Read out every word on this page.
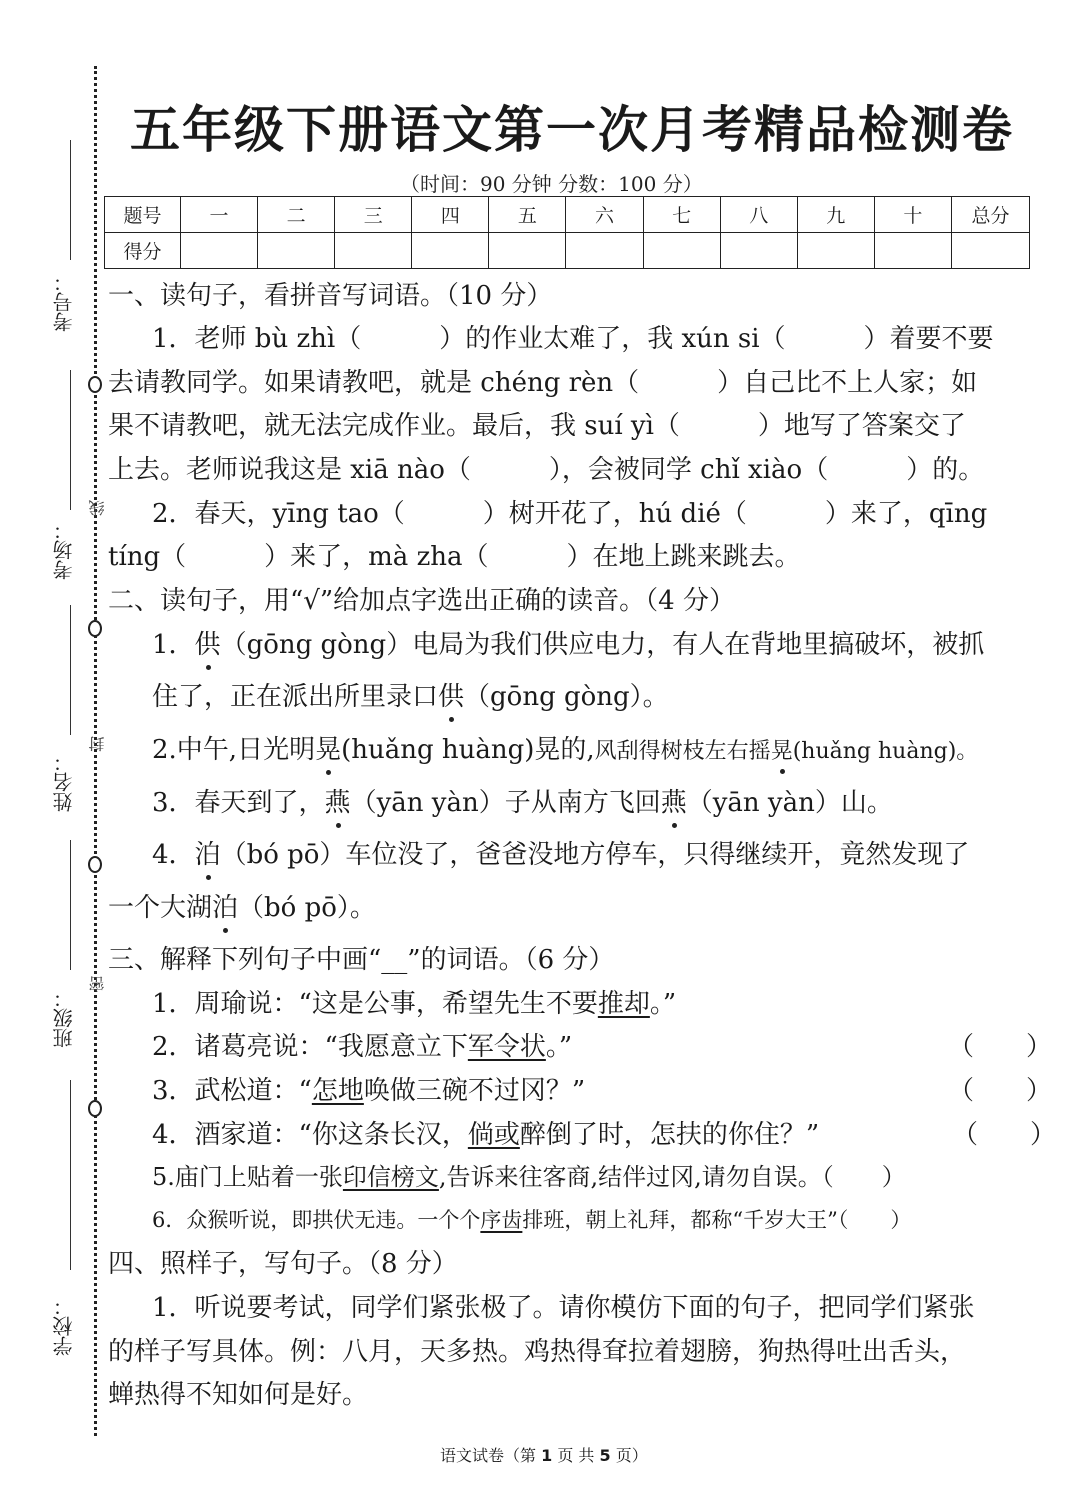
考号：
考场：
姓名：
班级：
学校：
线
封
密
五年级下册语文第一次月考精品检测卷
（时间：90 分钟 分数：100 分）
题号	一	二	三	四	五	六	七	八	九	十	总分
得分											
一、读句子，看拼音写词语。（10 分）
1．老师 bù zhì（　　　）的作业太难了，我 xún si（　　　）着要不要
去请教同学。如果请教吧，就是 chéng rèn（　　　）自己比不上人家；如
果不请教吧，就无法完成作业。最后，我 suí yì（　　　）地写了答案交了
上去。老师说我这是 xiā nào（　　　），会被同学 chǐ xiào（　　　）的。
2．春天，yīng tao（　　　）树开花了，hú dié（　　　）来了，qīng
tíng（　　　）来了，mà zha（　　　）在地上跳来跳去。
二、读句子，用“√”给加点字选出正确的读音。（4 分）
1．供（gōng gòng）电局为我们供应电力，有人在背地里搞破坏，被抓
住了，正在派出所里录口供（gōng gòng）。
2.中午,日光明晃(huǎng huàng)晃的,风刮得树枝左右摇晃(huǎng huàng)。
3．春天到了，燕（yān yàn）子从南方飞回燕（yān yàn）山。
4．泊（bó pō）车位没了，爸爸没地方停车，只得继续开，竟然发现了
一个大湖泊（bó pō）。
三、解释下列句子中画“__”的词语。（6 分）
1．周瑜说：“这是公事，希望先生不要推却。”
2．诸葛亮说：“我愿意立下军令状。”	（　　）
3．武松道：“怎地唤做三碗不过冈？”	（　　）
4．酒家道：“你这条长汉，倘或醉倒了时，怎扶的你住？”	（　　）
5.庙门上贴着一张印信榜文,告诉来往客商,结伴过冈,请勿自误。（　　）
6．众猴听说，即拱伏无违。一个个序齿排班，朝上礼拜，都称“千岁大王”（　　）
四、照样子，写句子。（8 分）
1．听说要考试，同学们紧张极了。请你模仿下面的句子，把同学们紧张
的样子写具体。例：八月，天多热。鸡热得耷拉着翅膀，狗热得吐出舌头，
蝉热得不知如何是好。
语文试卷（第 1 页 共 5 页）
